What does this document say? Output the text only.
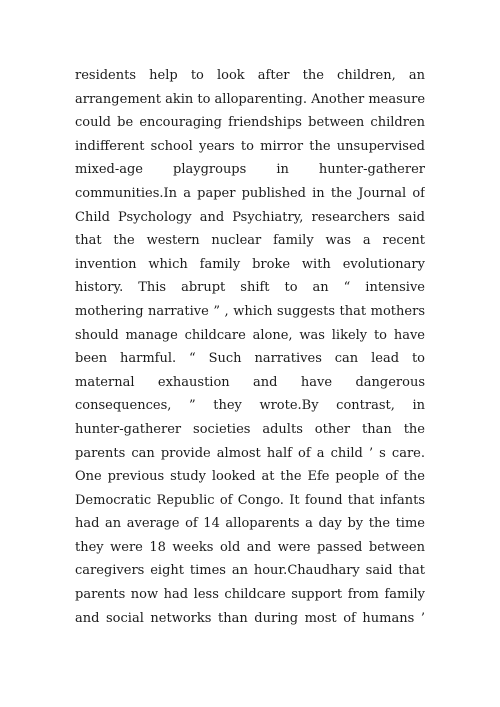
residents help to look after the children, an
arrangement akin to alloparenting. Another measure
could be encouraging friendships between children
indifferent school years to mirror the unsupervised
mixed-age playgroups in hunter-gatherer
communities.In a paper published in the Journal of
Child Psychology and Psychiatry, researchers said
that the western nuclear family was a recent
invention which family broke with evolutionary
history. This abrupt shift to an “ intensive
mothering narrative ” , which suggests that mothers
should manage childcare alone, was likely to have
been harmful. “ Such narratives can lead to
maternal exhaustion and have dangerous
consequences, ” they wrote.By contrast, in
hunter-gatherer societies adults other than the
parents can provide almost half of a child ’ s care.
One previous study looked at the Efe people of the
Democratic Republic of Congo. It found that infants
had an average of 14 alloparents a day by the time
they were 18 weeks old and were passed between
caregivers eight times an hour.Chaudhary said that
parents now had less childcare support from family
and social networks than during most of humans ’
